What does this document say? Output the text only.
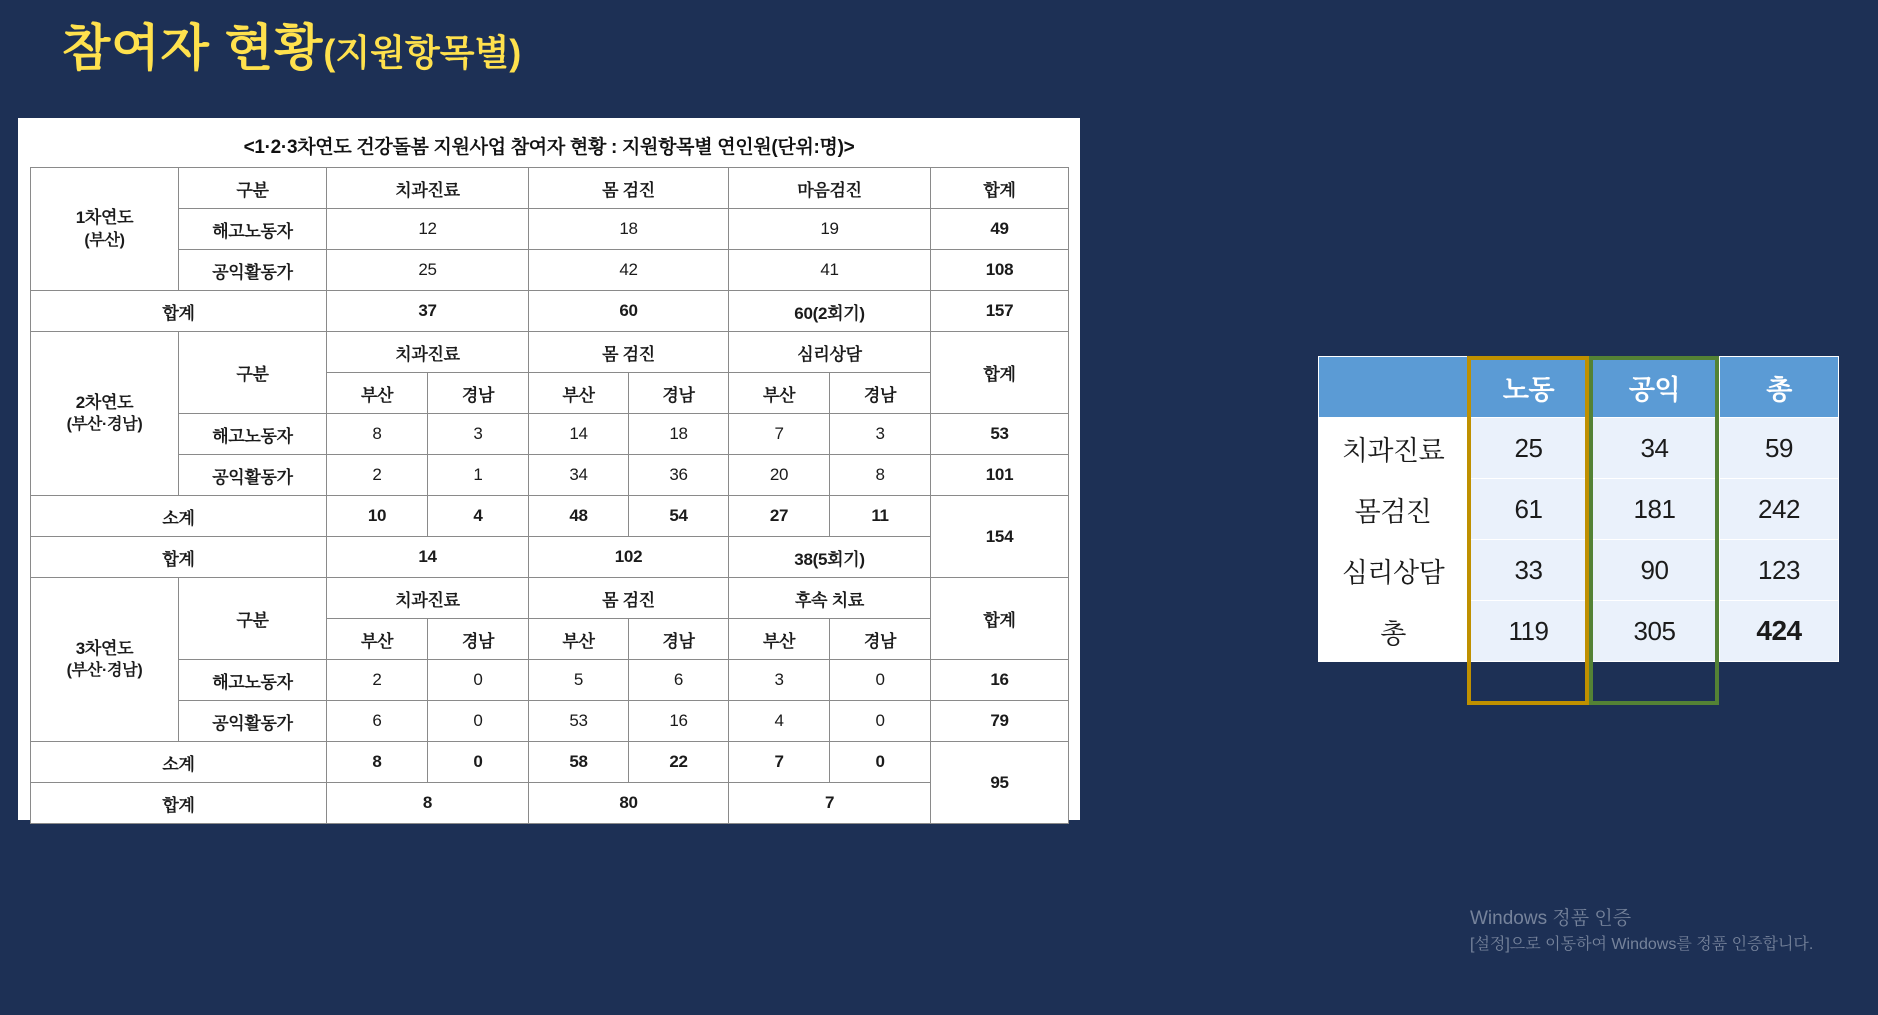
참여자 현황(지원항목별)
<1·2·3차연도 건강돌봄 지원사업 참여자 현황 : 지원항목별 연인원(단위:명)>
1차연도
(부산)	구분	치과진료		몸 검진		마음검진		합계
	해고노동자	12		18		19		49
	공익활동가	25		42		41		108
합계		37		60		60(2회기)		157
2차연도
(부산·경남)	구분	치과진료		몸 검진		심리상담		합계
		부산	경남	부산	경남	부산	경남	
	해고노동자	8	3	14	18	7	3	53
	공익활동가	2	1	34	36	20	8	101
소계		10	4	48	54	27	11	154
합계		14		102		38(5회기)		
3차연도
(부산·경남)	구분	치과진료		몸 검진		후속 치료		합계
		부산	경남	부산	경남	부산	경남	
	해고노동자	2	0	5	6	3	0	16
	공익활동가	6	0	53	16	4	0	79
소계		8	0	58	22	7	0	95
합계		8		80		7		
	노동	공익	총
치과진료	25	34	59
몸검진	61	181	242
심리상담	33	90	123
총	119	305	424
Windows 정품 인증
[설정]으로 이동하여 Windows를 정품 인증합니다.
